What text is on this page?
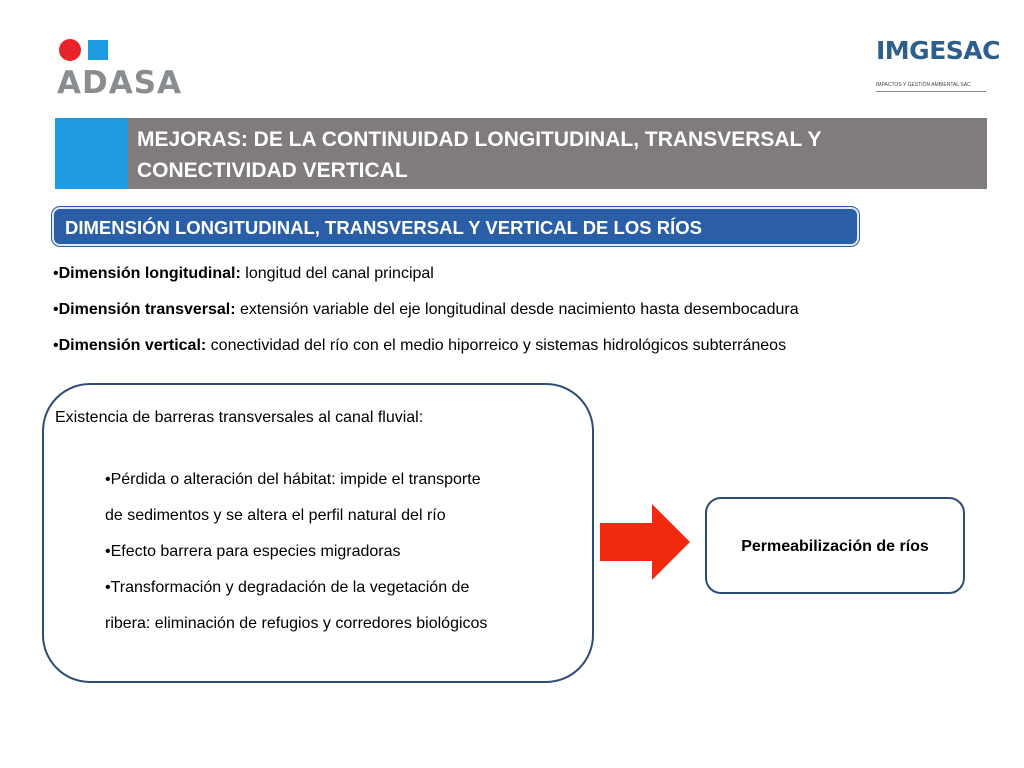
ADASA
IMGESAC
IMPACTOS Y GESTIÓN AMBIENTAL SAC
MEJORAS: DE LA CONTINUIDAD LONGITUDINAL, TRANSVERSAL Y CONECTIVIDAD VERTICAL
DIMENSIÓN LONGITUDINAL, TRANSVERSAL Y VERTICAL DE LOS RÍOS
•Dimensión longitudinal: longitud del canal principal
•Dimensión transversal: extensión variable del eje longitudinal desde nacimiento hasta desembocadura
•Dimensión vertical: conectividad del río con el medio hiporreico y sistemas hidrológicos subterráneos
Existencia de barreras transversales al canal fluvial:
•Pérdida o alteración del hábitat: impide el transporte
de sedimentos y se altera el perfil natural del río
•Efecto barrera para especies migradoras
•Transformación y degradación de la vegetación de
ribera: eliminación de refugios y corredores biológicos
Permeabilización de ríos
